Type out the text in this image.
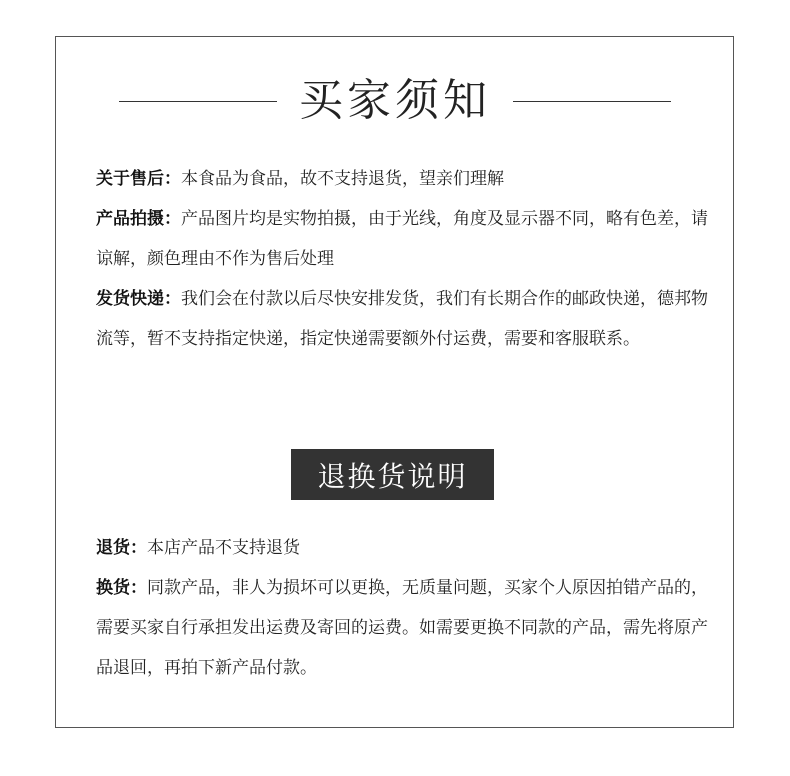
买家须知

关于售后：本食品为食品，故不支持退货，望亲们理解

产品拍摄：产品图片均是实物拍摄，由于光线，角度及显示器不同，略有色差，请谅解，颜色理由不作为售后处理

发货快递：我们会在付款以后尽快安排发货，我们有长期合作的邮政快递，德邦物流等，暂不支持指定快递，指定快递需要额外付运费，需要和客服联系。

退换货说明

退货：本店产品不支持退货

换货：同款产品，非人为损坏可以更换，无质量问题，买家个人原因拍错产品的，需要买家自行承担发出运费及寄回的运费。如需要更换不同款的产品，需先将原产品退回，再拍下新产品付款。
